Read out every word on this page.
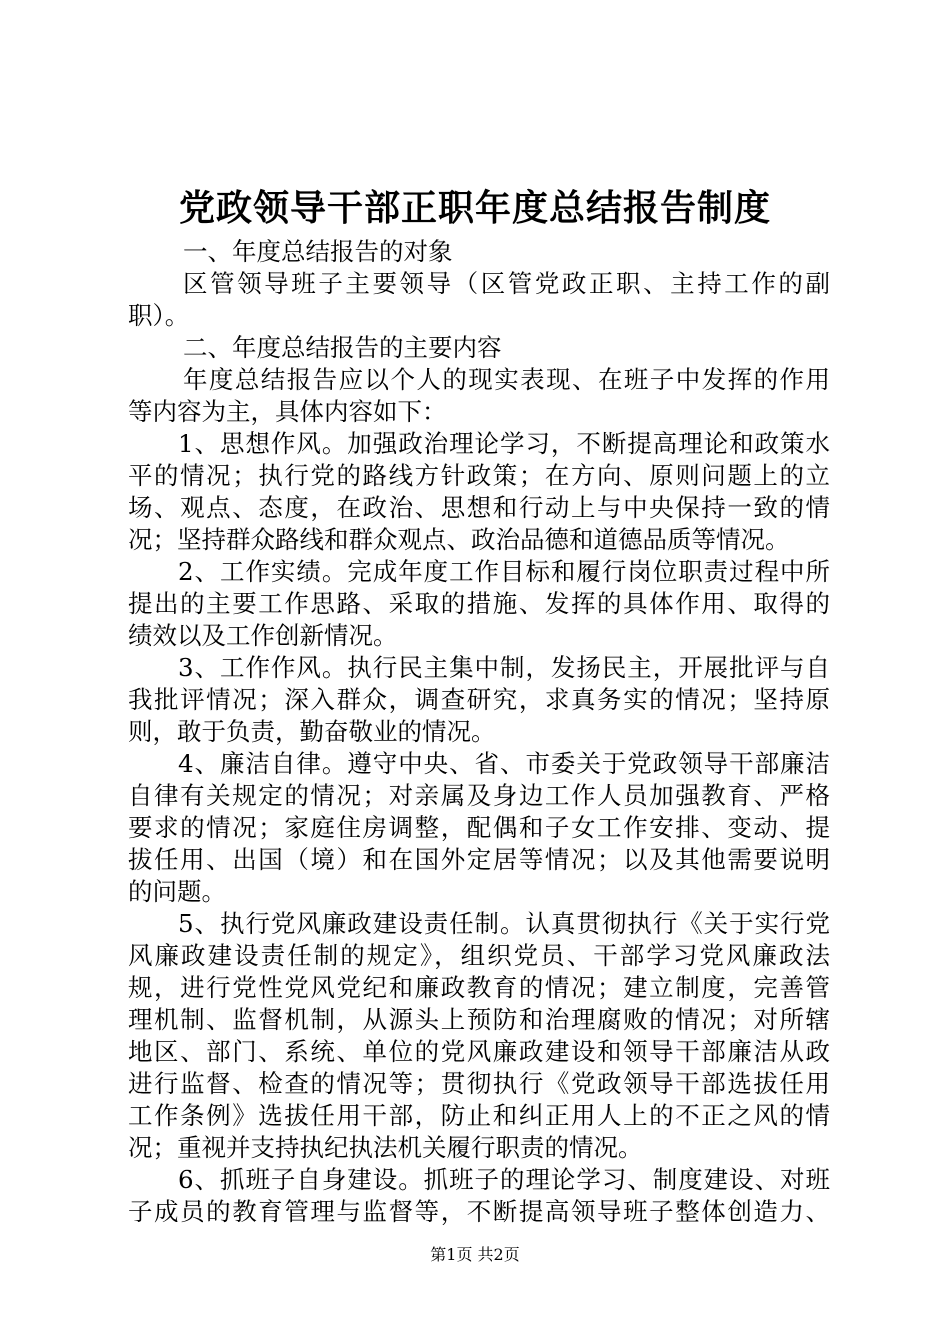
党政领导干部正职年度总结报告制度
一、年度总结报告的对象
区管领导班子主要领导（区管党政正职、主持工作的副
职）。
二、年度总结报告的主要内容
年度总结报告应以个人的现实表现、在班子中发挥的作用
等内容为主，具体内容如下：
1、思想作风。加强政治理论学习，不断提高理论和政策水
平的情况；执行党的路线方针政策；在方向、原则问题上的立
场、观点、态度，在政治、思想和行动上与中央保持一致的情
况；坚持群众路线和群众观点、政治品德和道德品质等情况。
2、工作实绩。完成年度工作目标和履行岗位职责过程中所
提出的主要工作思路、采取的措施、发挥的具体作用、取得的
绩效以及工作创新情况。
3、工作作风。执行民主集中制，发扬民主，开展批评与自
我批评情况；深入群众，调查研究，求真务实的情况；坚持原
则，敢于负责，勤奋敬业的情况。
4、廉洁自律。遵守中央、省、市委关于党政领导干部廉洁
自律有关规定的情况；对亲属及身边工作人员加强教育、严格
要求的情况；家庭住房调整，配偶和子女工作安排、变动、提
拔任用、出国（境）和在国外定居等情况；以及其他需要说明
的问题。
5、执行党风廉政建设责任制。认真贯彻执行《关于实行党
风廉政建设责任制的规定》，组织党员、干部学习党风廉政法
规，进行党性党风党纪和廉政教育的情况；建立制度，完善管
理机制、监督机制，从源头上预防和治理腐败的情况；对所辖
地区、部门、系统、单位的党风廉政建设和领导干部廉洁从政
进行监督、检查的情况等；贯彻执行《党政领导干部选拔任用
工作条例》选拔任用干部，防止和纠正用人上的不正之风的情
况；重视并支持执纪执法机关履行职责的情况。
6、抓班子自身建设。抓班子的理论学习、制度建设、对班
子成员的教育管理与监督等，不断提高领导班子整体创造力、
第1页 共2页
